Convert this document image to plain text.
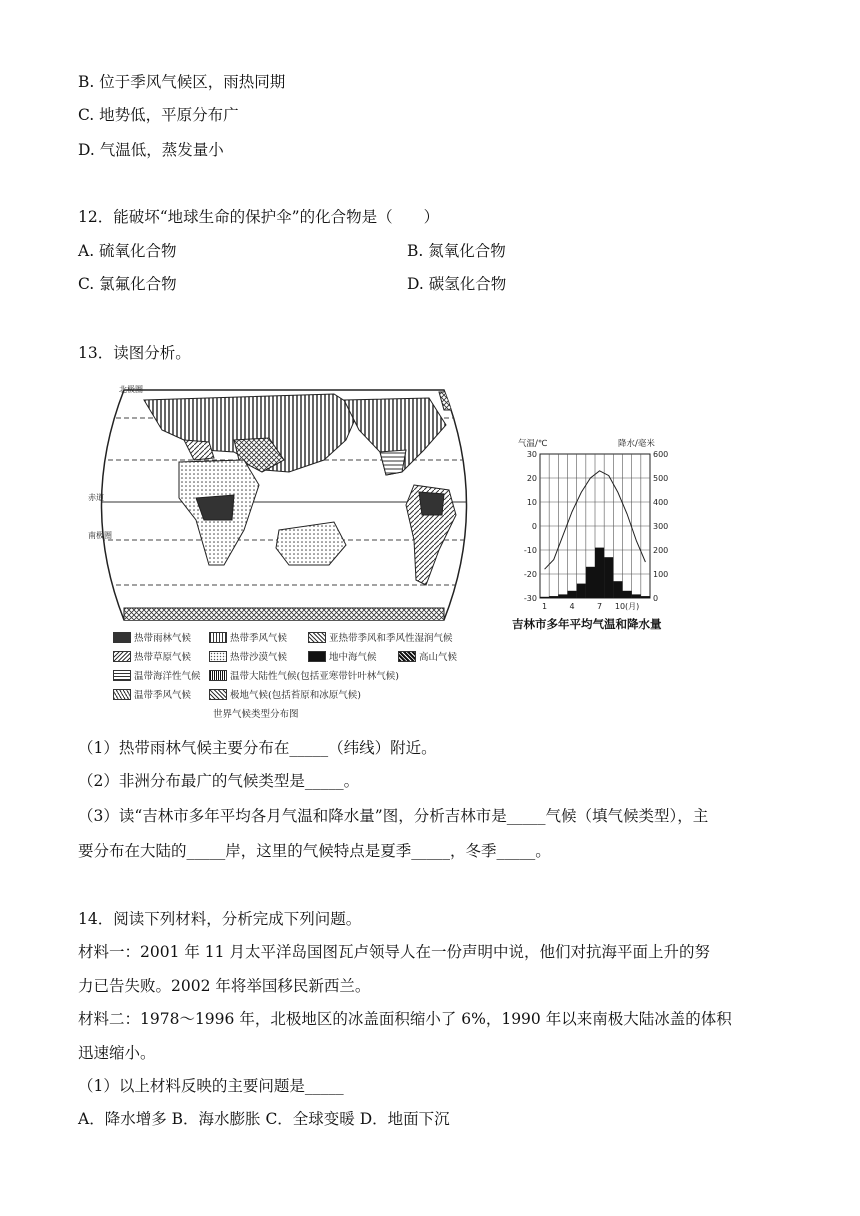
B. 位于季风气候区，雨热同期
C. 地势低，平原分布广
D. 气温低，蒸发量小
12．能破坏“地球生命的保护伞”的化合物是（　　）
A. 硫氧化合物	B. 氮氧化合物
C. 氯氟化合物	D. 碳氢化合物
13．读图分析。
北极圈
赤道
南极圈
热带雨林气候	热带季风气候	亚热带季风和季风性湿润气候
热带草原气候	热带沙漠气候	地中海气候	高山气候
温带海洋性气候	温带大陆性气候(包括亚寒带针叶林气候)
温带季风气候	极地气候(包括苔原和冰原气候)
世界气候类型分布图
气温/℃	降水/毫米
30
20
10
0
-10
-20
-30
600
500
400
300
200
100
0
1	4	7 10(月)
吉林市多年平均气温和降水量
（1）热带雨林气候主要分布在_____（纬线）附近。
（2）非洲分布最广的气候类型是_____。
（3）读“吉林市多年平均各月气温和降水量”图，分析吉林市是_____气候（填气候类型），主
要分布在大陆的_____岸，这里的气候特点是夏季_____，冬季_____。
14．阅读下列材料，分析完成下列问题。
材料一：2001 年 11 月太平洋岛国图瓦卢领导人在一份声明中说，他们对抗海平面上升的努
力已告失败。2002 年将举国移民新西兰。
材料二：1978～1996 年，北极地区的冰盖面积缩小了 6%，1990 年以来南极大陆冰盖的体积
迅速缩小。
（1）以上材料反映的主要问题是_____
A．降水增多 B．海水膨胀 C．全球变暖 D．地面下沉
